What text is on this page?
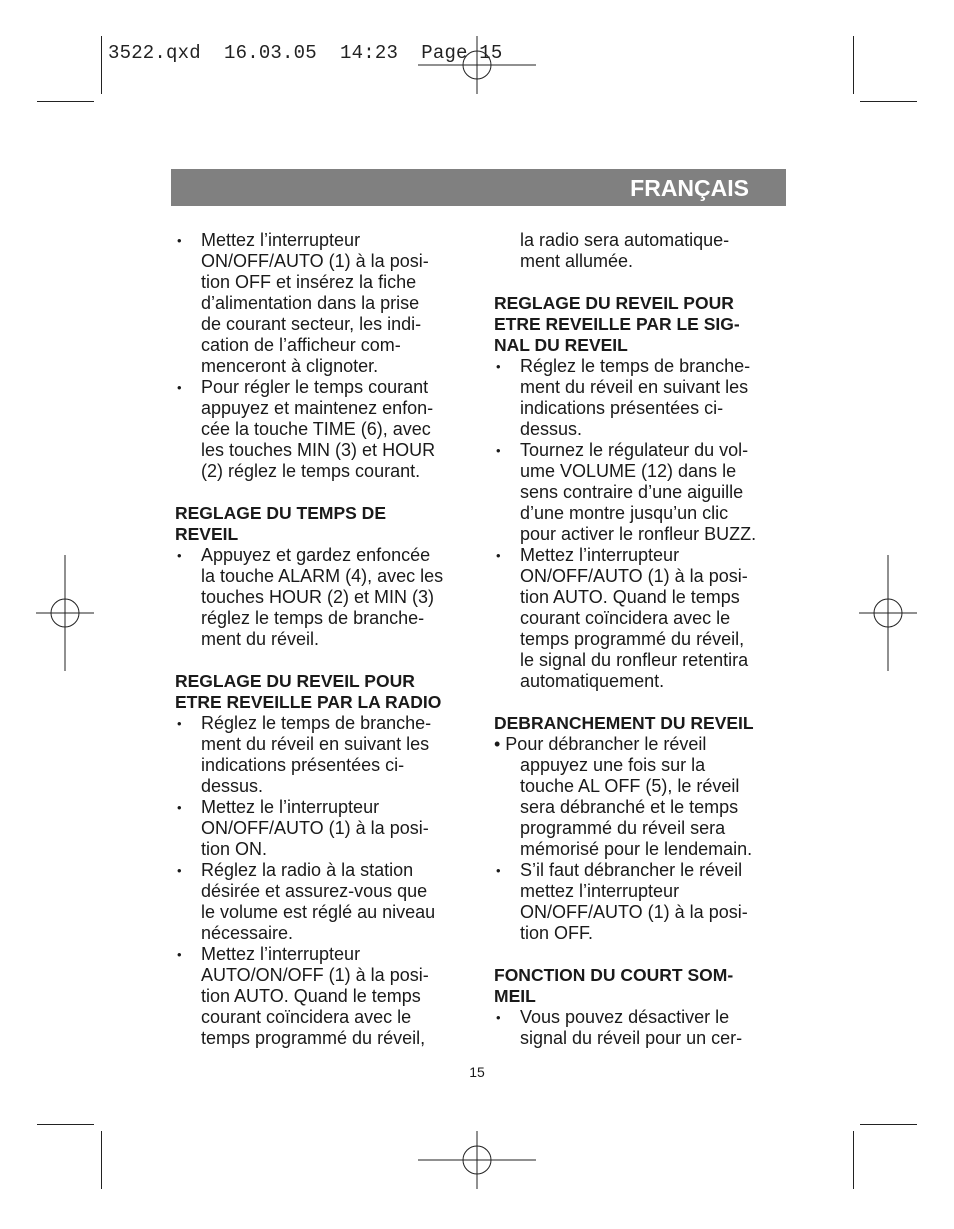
3522.qxd  16.03.05  14:23  Page 15
FRANÇAIS

• Mettez l’interrupteur

ON/OFF/AUTO (1) à la posi-

tion OFF et insérez la fiche

d’alimentation dans la prise

de courant secteur, les indi-

cation de l’afficheur com-

menceront à clignoter.

• Pour régler le temps courant

appuyez et maintenez enfon-

cée la touche TIME (6), avec

les touches MIN (3) et HOUR

(2) réglez le temps courant.

REGLAGE DU TEMPS DE

REVEIL

• Appuyez et gardez enfoncée

la touche ALARM (4), avec les

touches HOUR (2) et MIN (3)

réglez le temps de branche-

ment du réveil.

REGLAGE DU REVEIL POUR

ETRE REVEILLE PAR LA RADIO

• Réglez le temps de branche-

ment du réveil en suivant les

indications présentées ci-

dessus.

• Mettez le l’interrupteur

ON/OFF/AUTO (1) à la posi-

tion ON.

• Réglez la radio à la station

désirée et assurez-vous que

le volume est réglé au niveau

nécessaire.

• Mettez l’interrupteur

AUTO/ON/OFF (1) à la posi-

tion AUTO. Quand le temps

courant coïncidera avec le

temps programmé du réveil,

la radio sera automatique-

ment allumée.

REGLAGE DU REVEIL POUR

ETRE REVEILLE PAR LE SIG-

NAL DU REVEIL

• Réglez le temps de branche-

ment du réveil en suivant les

indications présentées ci-

dessus.

• Tournez le régulateur du vol-

ume VOLUME (12) dans le

sens contraire d’une aiguille

d’une montre jusqu’un clic

pour activer le ronfleur BUZZ.

• Mettez l’interrupteur

ON/OFF/AUTO (1) à la posi-

tion AUTO. Quand le temps

courant coïncidera avec le

temps programmé du réveil,

le signal du ronfleur retentira

automatiquement.

DEBRANCHEMENT DU REVEIL

• Pour débrancher le réveil

appuyez une fois sur la

touche AL OFF (5), le réveil

sera débranché et le temps

programmé du réveil sera

mémorisé pour le lendemain.

• S’il faut débrancher le réveil

mettez l’interrupteur

ON/OFF/AUTO (1) à la posi-

tion OFF.

FONCTION DU COURT SOM-

MEIL

• Vous pouvez désactiver le

signal du réveil pour un cer-

15
